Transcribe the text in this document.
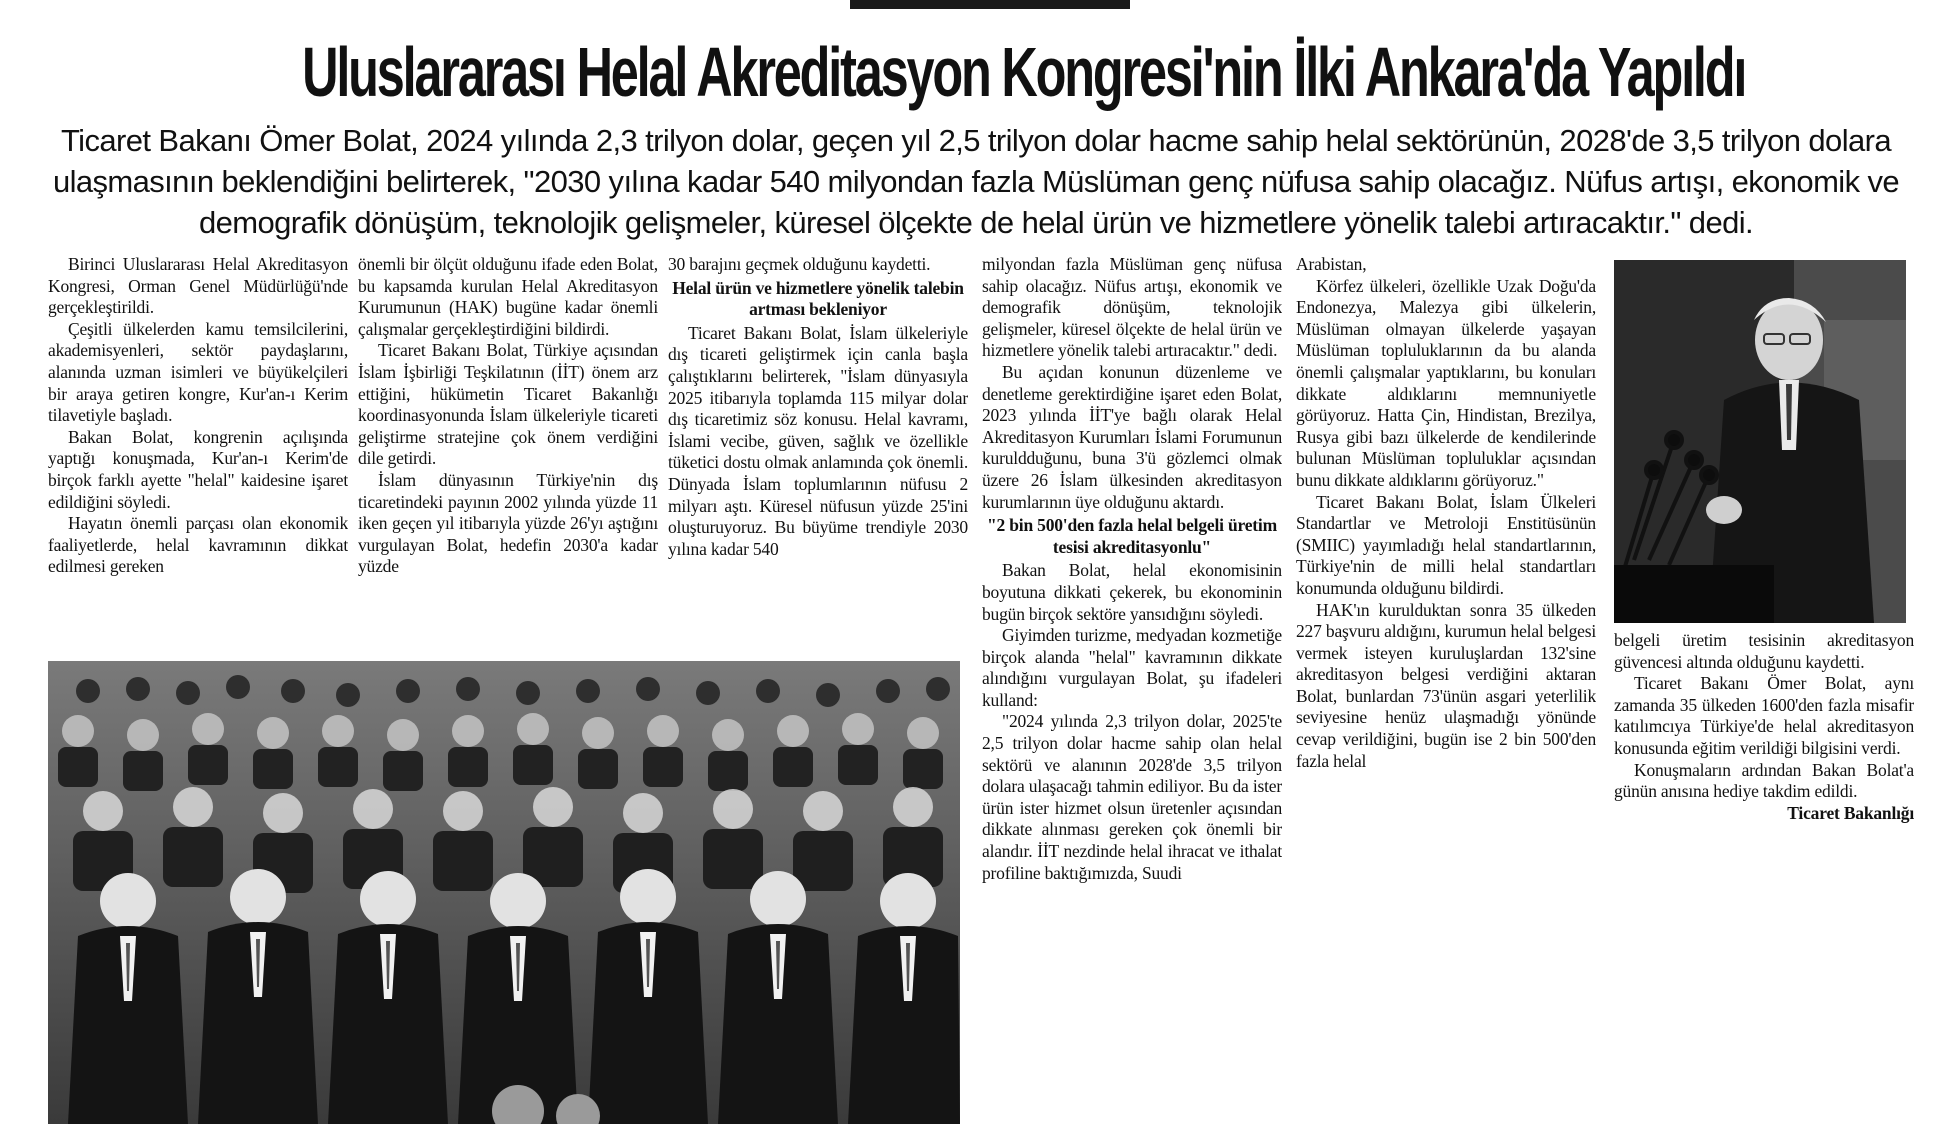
Uluslararası Helal Akreditasyon Kongresi'nin İlki Ankara'da Yapıldı
Ticaret Bakanı Ömer Bolat, 2024 yılında 2,3 trilyon dolar, geçen yıl 2,5 trilyon dolar hacme sahip helal sektörünün, 2028'de 3,5 trilyon dolara ulaşmasının beklendiğini belirterek, "2030 yılına kadar 540 milyondan fazla Müslüman genç nüfusa sahip olacağız. Nüfus artışı, ekonomik ve demografik dönüşüm, teknolojik gelişmeler, küresel ölçekte de helal ürün ve hizmetlere yönelik talebi artıracaktır." dedi.

Birinci Uluslararası Helal Akreditasyon Kongresi, Orman Genel Müdürlüğü'nde gerçekleştirildi.

Çeşitli ülkelerden kamu temsilcilerini, akademisyenleri, sektör paydaşlarını, alanında uzman isimleri ve büyükelçileri bir araya getiren kongre, Kur'an-ı Kerim tilavetiyle başladı.

Bakan Bolat, kongrenin açılışında yaptığı konuşmada, Kur'an-ı Kerim'de birçok farklı ayette "helal" kaidesine işaret edildiğini söyledi.

Hayatın önemli parçası olan ekonomik faaliyetlerde, helal kavramının dikkat edilmesi gereken

önemli bir ölçüt olduğunu ifade eden Bolat, bu kapsamda kurulan Helal Akreditasyon Kurumunun (HAK) bugüne kadar önemli çalışmalar gerçekleştirdiğini bildirdi.

Ticaret Bakanı Bolat, Türkiye açısından İslam İşbirliği Teşkilatının (İİT) önem arz ettiğini, hükümetin Ticaret Bakanlığı koordinasyonunda İslam ülkeleriyle ticareti geliştirme stratejine çok önem verdiğini dile getirdi.

İslam dünyasının Türkiye'nin dış ticaretindeki payının 2002 yılında yüzde 11 iken geçen yıl itibarıyla yüzde 26'yı aştığını vurgulayan Bolat, hedefin 2030'a kadar yüzde

30 barajını geçmek olduğunu kaydetti.

Helal ürün ve hizmetlere yönelik talebin artması bekleniyor

Ticaret Bakanı Bolat, İslam ülkeleriyle dış ticareti geliştirmek için canla başla çalıştıklarını belirterek, "İslam dünyasıyla 2025 itibarıyla toplamda 115 milyar dolar dış ticaretimiz söz konusu. Helal kavramı, İslami vecibe, güven, sağlık ve özellikle tüketici dostu olmak anlamında çok önemli. Dünyada İslam toplumlarının nüfusu 2 milyarı aştı. Küresel nüfusun yüzde 25'ini oluşturuyoruz. Bu büyüme trendiyle 2030 yılına kadar 540

milyondan fazla Müslüman genç nüfusa sahip olacağız. Nüfus artışı, ekonomik ve demografik dönüşüm, teknolojik gelişmeler, küresel ölçekte de helal ürün ve hizmetlere yönelik talebi artıracaktır." dedi.

Bu açıdan konunun düzenleme ve denetleme gerektirdiğine işaret eden Bolat, 2023 yılında İİT'ye bağlı olarak Helal Akreditasyon Kurumları İslami Forumunun kuruldduğunu, buna 3'ü gözlemci olmak üzere 26 İslam ülkesinden akreditasyon kurumlarının üye olduğunu aktardı.

"2 bin 500'den fazla helal belgeli üretim tesisi akreditasyonlu"

Bakan Bolat, helal ekonomisinin boyutuna dikkati çekerek, bu ekonominin bugün birçok sektöre yansıdığını söyledi.

Giyimden turizme, medyadan kozmetiğe birçok alanda "helal" kavramının dikkate alındığını vurgulayan Bolat, şu ifadeleri kulland:

"2024 yılında 2,3 trilyon dolar, 2025'te 2,5 trilyon dolar hacme sahip olan helal sektörü ve alanının 2028'de 3,5 trilyon dolara ulaşacağı tahmin ediliyor. Bu da ister ürün ister hizmet olsun üretenler açısından dikkate alınması gereken çok önemli bir alandır. İİT nezdinde helal ihracat ve ithalat profiline baktığımızda, Suudi

Arabistan,

Körfez ülkeleri, özellikle Uzak Doğu'da Endonezya, Malezya gibi ülkelerin, Müslüman olmayan ülkelerde yaşayan Müslüman topluluklarının da bu alanda önemli çalışmalar yaptıklarını, bu konuları dikkate aldıklarını memnuniyetle görüyoruz. Hatta Çin, Hindistan, Brezilya, Rusya gibi bazı ülkelerde de kendilerinde bulunan Müslüman topluluklar açısından bunu dikkate aldıklarını görüyoruz."

Ticaret Bakanı Bolat, İslam Ülkeleri Standartlar ve Metroloji Enstitüsünün (SMIIC) yayımladığı helal standartlarının, Türkiye'nin de milli helal standartları konumunda olduğunu bildirdi.

HAK'ın kurulduktan sonra 35 ülkeden 227 başvuru aldığını, kurumun helal belgesi vermek isteyen kuruluşlardan 132'sine akreditasyon belgesi verdiğini aktaran Bolat, bunlardan 73'ünün asgari yeterlilik seviyesine henüz ulaşmadığı yönünde cevap verildiğini, bugün ise 2 bin 500'den fazla helal

belgeli üretim tesisinin akreditasyon güvencesi altında olduğunu kaydetti.

Ticaret Bakanı Ömer Bolat, aynı zamanda 35 ülkeden 1600'den fazla misafir katılımcıya Türkiye'de helal akreditasyon konusunda eğitim verildiği bilgisini verdi.

Konuşmaların ardından Bakan Bolat'a günün anısına hediye takdim edildi.

Ticaret Bakanlığı
